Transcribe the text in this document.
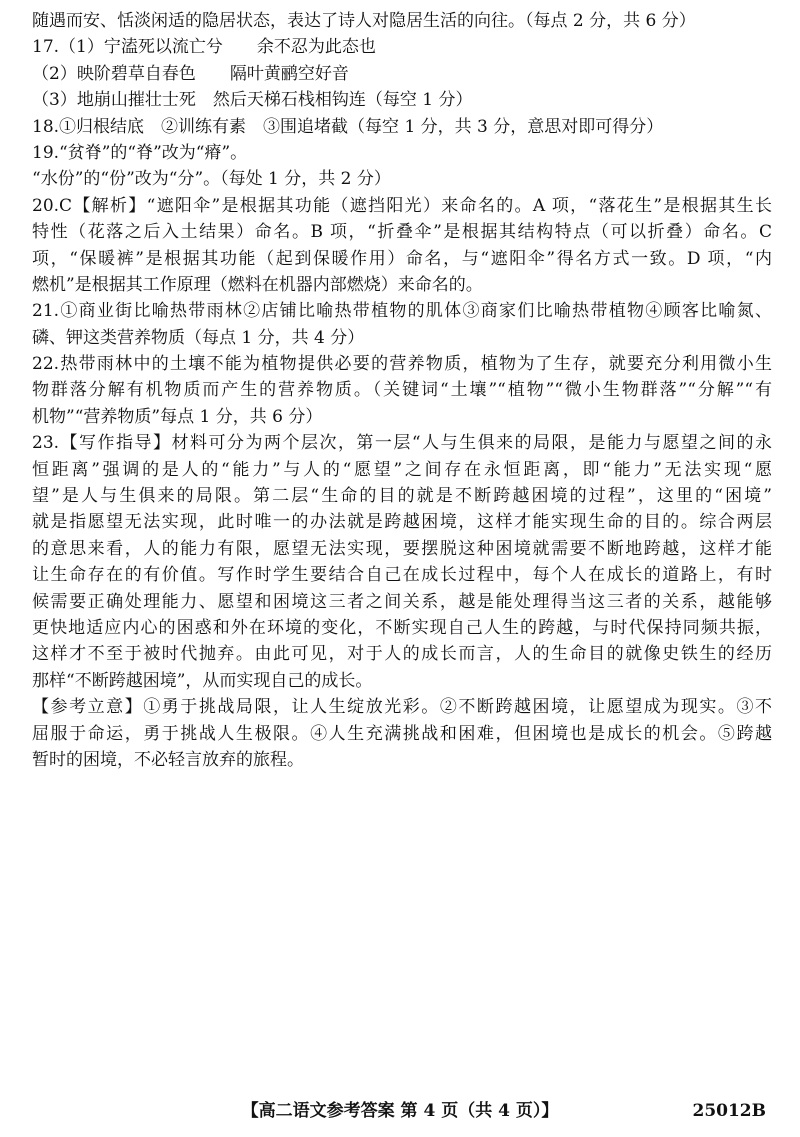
随遇而安、恬淡闲适的隐居状态，表达了诗人对隐居生活的向往。（每点 2 分，共 6 分）
17.（1）宁溘死以流亡兮　　余不忍为此态也
（2）映阶碧草自春色　　隔叶黄鹂空好音
（3）地崩山摧壮士死　然后天梯石栈相钩连（每空 1 分）
18.①归根结底　②训练有素　③围追堵截（每空 1 分，共 3 分，意思对即可得分）
19.“贫脊”的“脊”改为“瘠”。
“水份”的“份”改为“分”。（每处 1 分，共 2 分）
20.C【解析】“遮阳伞”是根据其功能（遮挡阳光）来命名的。A 项，“落花生”是根据其生长
特性（花落之后入土结果）命名。B 项，“折叠伞”是根据其结构特点（可以折叠）命名。C
项，“保暖裤”是根据其功能（起到保暖作用）命名，与“遮阳伞”得名方式一致。D 项，“内
燃机”是根据其工作原理（燃料在机器内部燃烧）来命名的。
21.①商业街比喻热带雨林②店铺比喻热带植物的肌体③商家们比喻热带植物④顾客比喻氮、
磷、钾这类营养物质（每点 1 分，共 4 分）
22.热带雨林中的土壤不能为植物提供必要的营养物质，植物为了生存，就要充分利用微小生
物群落分解有机物质而产生的营养物质。（关键词“土壤”“植物”“微小生物群落”“分解”“有
机物”“营养物质”每点 1 分，共 6 分）
23.【写作指导】材料可分为两个层次，第一层“人与生俱来的局限，是能力与愿望之间的永
恒距离”强调的是人的“能力”与人的“愿望”之间存在永恒距离，即“能力”无法实现“愿
望”是人与生俱来的局限。第二层“生命的目的就是不断跨越困境的过程”，这里的“困境”
就是指愿望无法实现，此时唯一的办法就是跨越困境，这样才能实现生命的目的。综合两层
的意思来看，人的能力有限，愿望无法实现，要摆脱这种困境就需要不断地跨越，这样才能
让生命存在的有价值。写作时学生要结合自己在成长过程中，每个人在成长的道路上，有时
候需要正确处理能力、愿望和困境这三者之间关系，越是能处理得当这三者的关系，越能够
更快地适应内心的困惑和外在环境的变化，不断实现自己人生的跨越，与时代保持同频共振，
这样才不至于被时代抛弃。由此可见，对于人的成长而言，人的生命目的就像史铁生的经历
那样“不断跨越困境”，从而实现自己的成长。
【参考立意】①勇于挑战局限，让人生绽放光彩。②不断跨越困境，让愿望成为现实。③不
屈服于命运，勇于挑战人生极限。④人生充满挑战和困难，但困境也是成长的机会。⑤跨越
暂时的困境，不必轻言放弃的旅程。
【高二语文参考答案 第 4 页（共 4 页）】	25012B
